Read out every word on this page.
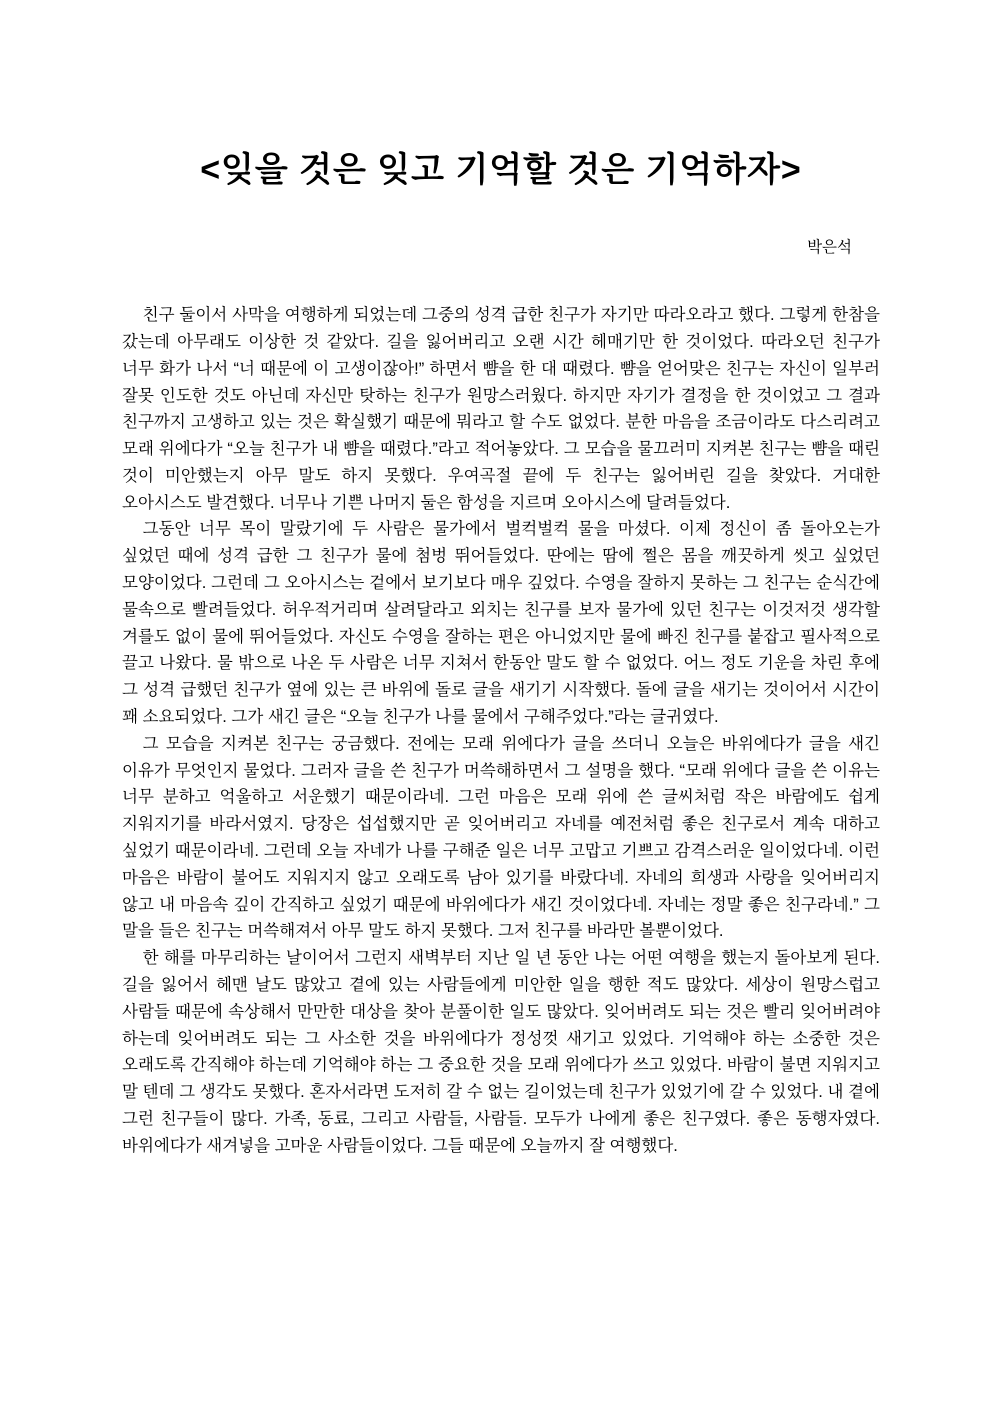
<잊을 것은 잊고 기억할 것은 기억하자>
박은석

친구 둘이서 사막을 여행하게 되었는데 그중의 성격 급한 친구가 자기만 따라오라고 했다. 그렇게 한참을 갔는데 아무래도 이상한 것 같았다. 길을 잃어버리고 오랜 시간 헤매기만 한 것이었다. 따라오던 친구가 너무 화가 나서 “너 때문에 이 고생이잖아!” 하면서 뺨을 한 대 때렸다. 뺨을 얻어맞은 친구는 자신이 일부러 잘못 인도한 것도 아닌데 자신만 탓하는 친구가 원망스러웠다. 하지만 자기가 결정을 한 것이었고 그 결과 친구까지 고생하고 있는 것은 확실했기 때문에 뭐라고 할 수도 없었다. 분한 마음을 조금이라도 다스리려고 모래 위에다가 “오늘 친구가 내 뺨을 때렸다.”라고 적어놓았다. 그 모습을 물끄러미 지켜본 친구는 뺨을 때린 것이 미안했는지 아무 말도 하지 못했다. 우여곡절 끝에 두 친구는 잃어버린 길을 찾았다. 거대한 오아시스도 발견했다. 너무나 기쁜 나머지 둘은 함성을 지르며 오아시스에 달려들었다.

그동안 너무 목이 말랐기에 두 사람은 물가에서 벌컥벌컥 물을 마셨다. 이제 정신이 좀 돌아오는가 싶었던 때에 성격 급한 그 친구가 물에 첨벙 뛰어들었다. 딴에는 땀에 쩔은 몸을 깨끗하게 씻고 싶었던 모양이었다. 그런데 그 오아시스는 겉에서 보기보다 매우 깊었다. 수영을 잘하지 못하는 그 친구는 순식간에 물속으로 빨려들었다. 허우적거리며 살려달라고 외치는 친구를 보자 물가에 있던 친구는 이것저것 생각할 겨를도 없이 물에 뛰어들었다. 자신도 수영을 잘하는 편은 아니었지만 물에 빠진 친구를 붙잡고 필사적으로 끌고 나왔다. 물 밖으로 나온 두 사람은 너무 지쳐서 한동안 말도 할 수 없었다. 어느 정도 기운을 차린 후에 그 성격 급했던 친구가 옆에 있는 큰 바위에 돌로 글을 새기기 시작했다. 돌에 글을 새기는 것이어서 시간이 꽤 소요되었다. 그가 새긴 글은 “오늘 친구가 나를 물에서 구해주었다.”라는 글귀였다.

그 모습을 지켜본 친구는 궁금했다. 전에는 모래 위에다가 글을 쓰더니 오늘은 바위에다가 글을 새긴 이유가 무엇인지 물었다. 그러자 글을 쓴 친구가 머쓱해하면서 그 설명을 했다. “모래 위에다 글을 쓴 이유는 너무 분하고 억울하고 서운했기 때문이라네. 그런 마음은 모래 위에 쓴 글씨처럼 작은 바람에도 쉽게 지워지기를 바라서였지. 당장은 섭섭했지만 곧 잊어버리고 자네를 예전처럼 좋은 친구로서 계속 대하고 싶었기 때문이라네. 그런데 오늘 자네가 나를 구해준 일은 너무 고맙고 기쁘고 감격스러운 일이었다네. 이런 마음은 바람이 불어도 지워지지 않고 오래도록 남아 있기를 바랐다네. 자네의 희생과 사랑을 잊어버리지 않고 내 마음속 깊이 간직하고 싶었기 때문에 바위에다가 새긴 것이었다네. 자네는 정말 좋은 친구라네.” 그 말을 들은 친구는 머쓱해져서 아무 말도 하지 못했다. 그저 친구를 바라만 볼뿐이었다.

한 해를 마무리하는 날이어서 그런지 새벽부터 지난 일 년 동안 나는 어떤 여행을 했는지 돌아보게 된다. 길을 잃어서 헤맨 날도 많았고 곁에 있는 사람들에게 미안한 일을 행한 적도 많았다. 세상이 원망스럽고 사람들 때문에 속상해서 만만한 대상을 찾아 분풀이한 일도 많았다. 잊어버려도 되는 것은 빨리 잊어버려야 하는데 잊어버려도 되는 그 사소한 것을 바위에다가 정성껏 새기고 있었다. 기억해야 하는 소중한 것은 오래도록 간직해야 하는데 기억해야 하는 그 중요한 것을 모래 위에다가 쓰고 있었다. 바람이 불면 지워지고 말 텐데 그 생각도 못했다. 혼자서라면 도저히 갈 수 없는 길이었는데 친구가 있었기에 갈 수 있었다. 내 곁에 그런 친구들이 많다. 가족, 동료, 그리고 사람들, 사람들. 모두가 나에게 좋은 친구였다. 좋은 동행자였다. 바위에다가 새겨넣을 고마운 사람들이었다. 그들 때문에 오늘까지 잘 여행했다.
